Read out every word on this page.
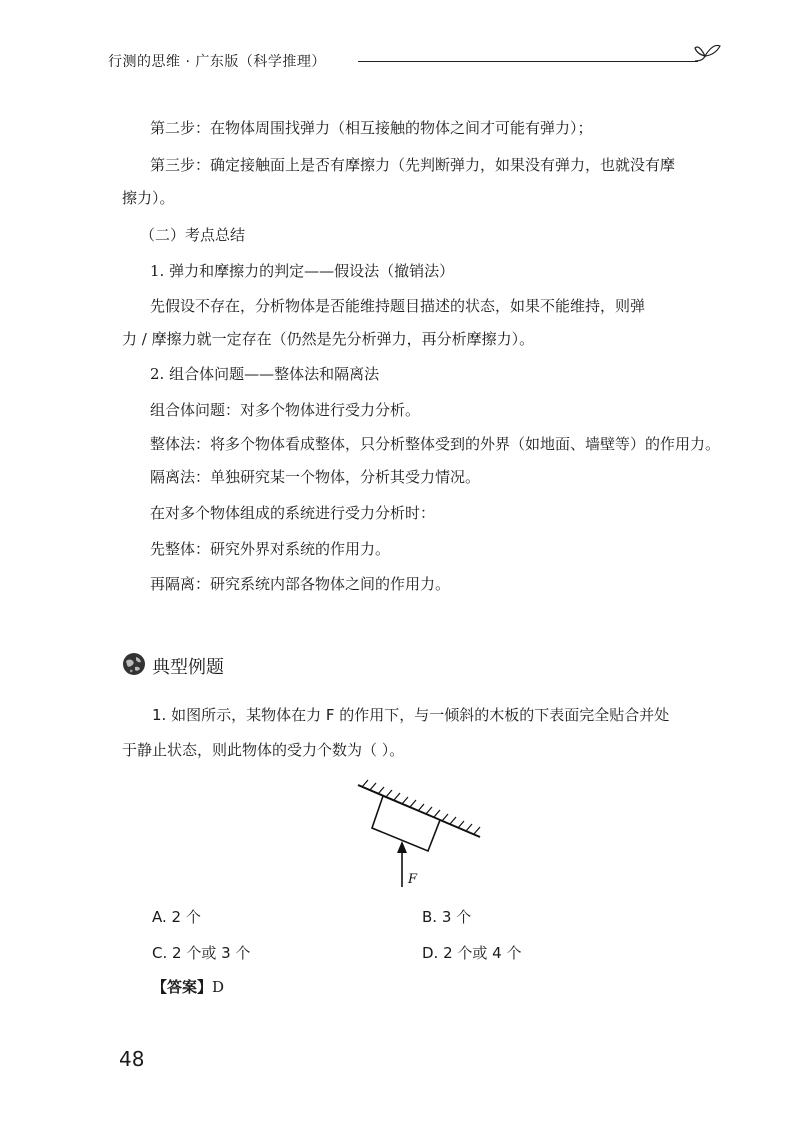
行测的思维 · 广东版（科学推理）
第二步：在物体周围找弹力（相互接触的物体之间才可能有弹力）；
第三步：确定接触面上是否有摩擦力（先判断弹力，如果没有弹力，也就没有摩
擦力）。
（二）考点总结
1. 弹力和摩擦力的判定——假设法（撤销法）
先假设不存在，分析物体是否能维持题目描述的状态，如果不能维持，则弹
力 / 摩擦力就一定存在（仍然是先分析弹力，再分析摩擦力）。
2. 组合体问题——整体法和隔离法
组合体问题：对多个物体进行受力分析。
整体法：将多个物体看成整体，只分析整体受到的外界（如地面、墙壁等）的作用力。
隔离法：单独研究某一个物体，分析其受力情况。
在对多个物体组成的系统进行受力分析时：
先整体：研究外界对系统的作用力。
再隔离：研究系统内部各物体之间的作用力。
典型例题
1. 如图所示，某物体在力 F 的作用下，与一倾斜的木板的下表面完全贴合并处
于静止状态，则此物体的受力个数为（ ）。
F
A. 2 个	B. 3 个
C. 2 个或 3 个	D. 2 个或 4 个
【答案】D
48
